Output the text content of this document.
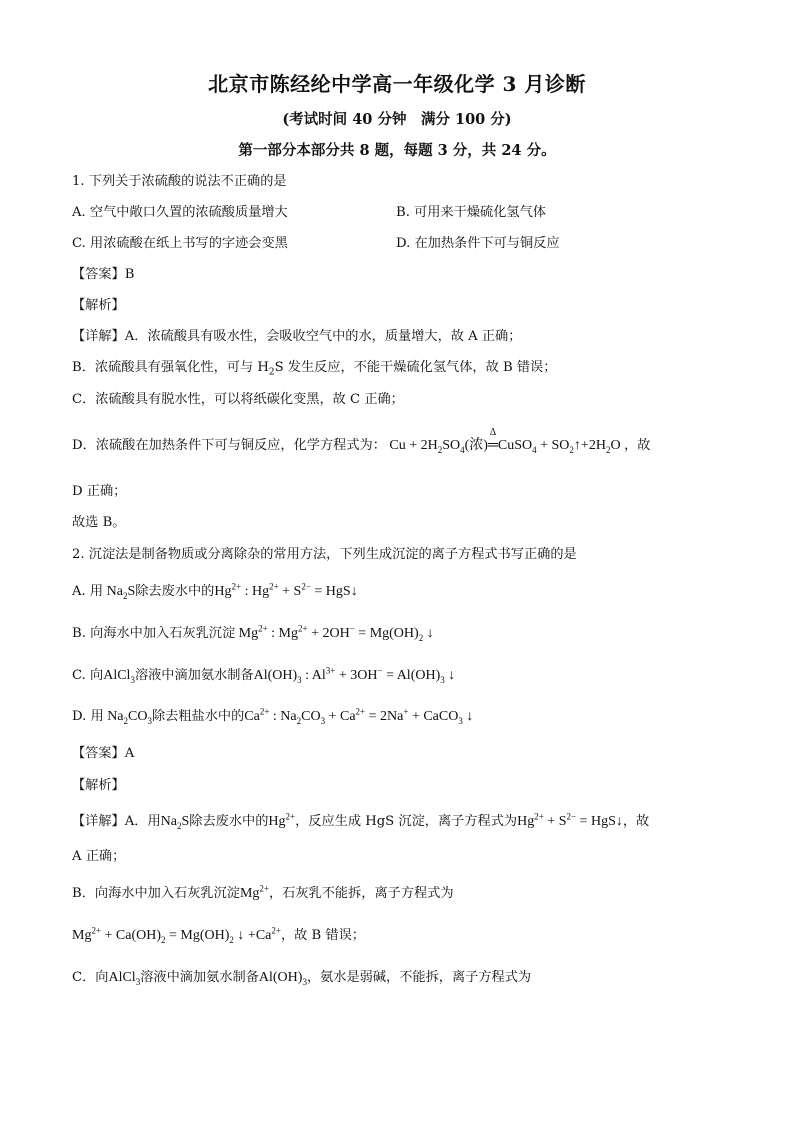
北京市陈经纶中学高一年级化学 3 月诊断
(考试时间 40 分钟　满分 100 分)
第一部分本部分共 8 题，每题 3 分，共 24 分。
1. 下列关于浓硫酸的说法不正确的是
A. 空气中敞口久置的浓硫酸质量增大	B. 可用来干燥硫化氢气体
C. 用浓硫酸在纸上书写的字迹会变黑	D. 在加热条件下可与铜反应
【答案】B
【解析】
【详解】A．浓硫酸具有吸水性，会吸收空气中的水，质量增大，故 A 正确；
B．浓硫酸具有强氧化性，可与 $H_2S$ 发生反应，不能干燥硫化氢气体，故 B 错误；
C．浓硫酸具有脱水性，可以将纸碳化变黑，故 C 正确；
D．浓硫酸在加热条件下可与铜反应，化学方程式为： $Cu + 2H_2SO_4$(浓)
Δ
═CuSO$_4$ + $SO_2↑+2H_2O$ ，故
D 正确；
故选 B。
2. 沉淀法是制备物质或分离除杂的常用方法，下列生成沉淀的离子方程式书写正确的是
A. 用 $Na_2S$除去废水中的$Hg^{2+}$ : $Hg^{2+} + S^{2-}$ = HgS↓
B. 向海水中加入石灰乳沉淀 $Mg^{2+}$ : $Mg^{2+} + 2OH^- = Mg(OH)_2$ ↓
C. 向AlCl$_3$溶液中滴加氨水制备$Al(OH)_3$ : $Al^{3+} + 3OH^- = Al(OH)_3$ ↓
D. 用 $Na_2CO_3$除去粗盐水中的$Ca^{2+}$ : $Na_2CO_3 + Ca^{2+} = 2Na^+$ + CaCO$_3$ ↓
【答案】A
【解析】
【详解】A．用$Na_2S$除去废水中的$Hg^{2+}$，反应生成 HgS 沉淀，离子方程式为$Hg^{2+} + S^{2-}$ = HgS↓，故
A 正确；
B．向海水中加入石灰乳沉淀$Mg^{2+}$，石灰乳不能拆，离子方程式为
$Mg^{2+} + Ca(OH)_2 = Mg(OH)_2$ ↓ $+Ca^{2+}$，故 B 错误；
C．向AlCl$_3$溶液中滴加氨水制备$Al(OH)_3$，氨水是弱碱，不能拆，离子方程式为
